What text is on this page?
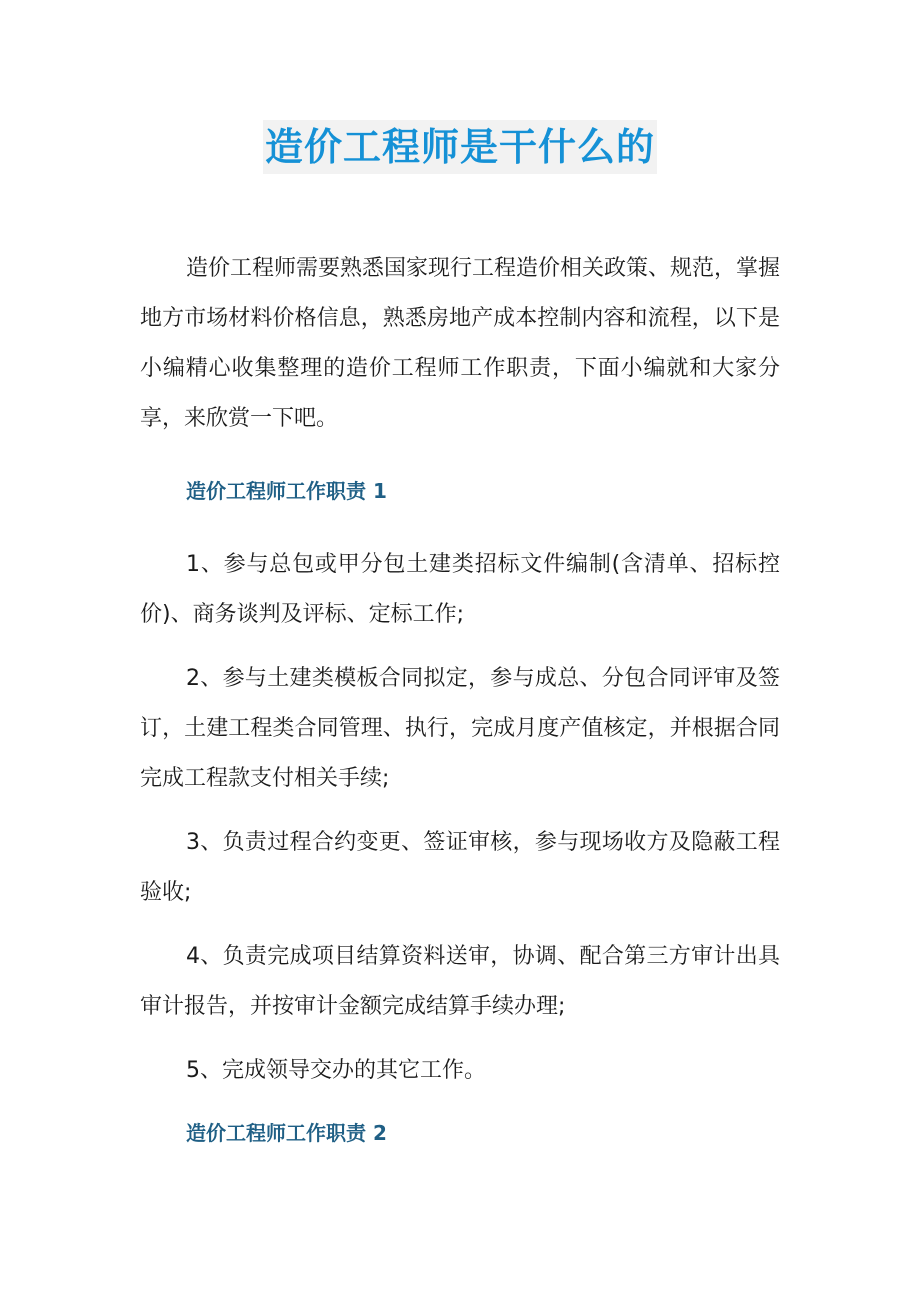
造价工程师是干什么的

造价工程师需要熟悉国家现行工程造价相关政策、规范，掌握地方市场材料价格信息，熟悉房地产成本控制内容和流程，以下是小编精心收集整理的造价工程师工作职责，下面小编就和大家分享，来欣赏一下吧。

造价工程师工作职责 1

1、参与总包或甲分包土建类招标文件编制(含清单、招标控价)、商务谈判及评标、定标工作;

2、参与土建类模板合同拟定，参与成总、分包合同评审及签订，土建工程类合同管理、执行，完成月度产值核定，并根据合同完成工程款支付相关手续;

3、负责过程合约变更、签证审核，参与现场收方及隐蔽工程验收;

4、负责完成项目结算资料送审，协调、配合第三方审计出具审计报告，并按审计金额完成结算手续办理;

5、完成领导交办的其它工作。

造价工程师工作职责 2
